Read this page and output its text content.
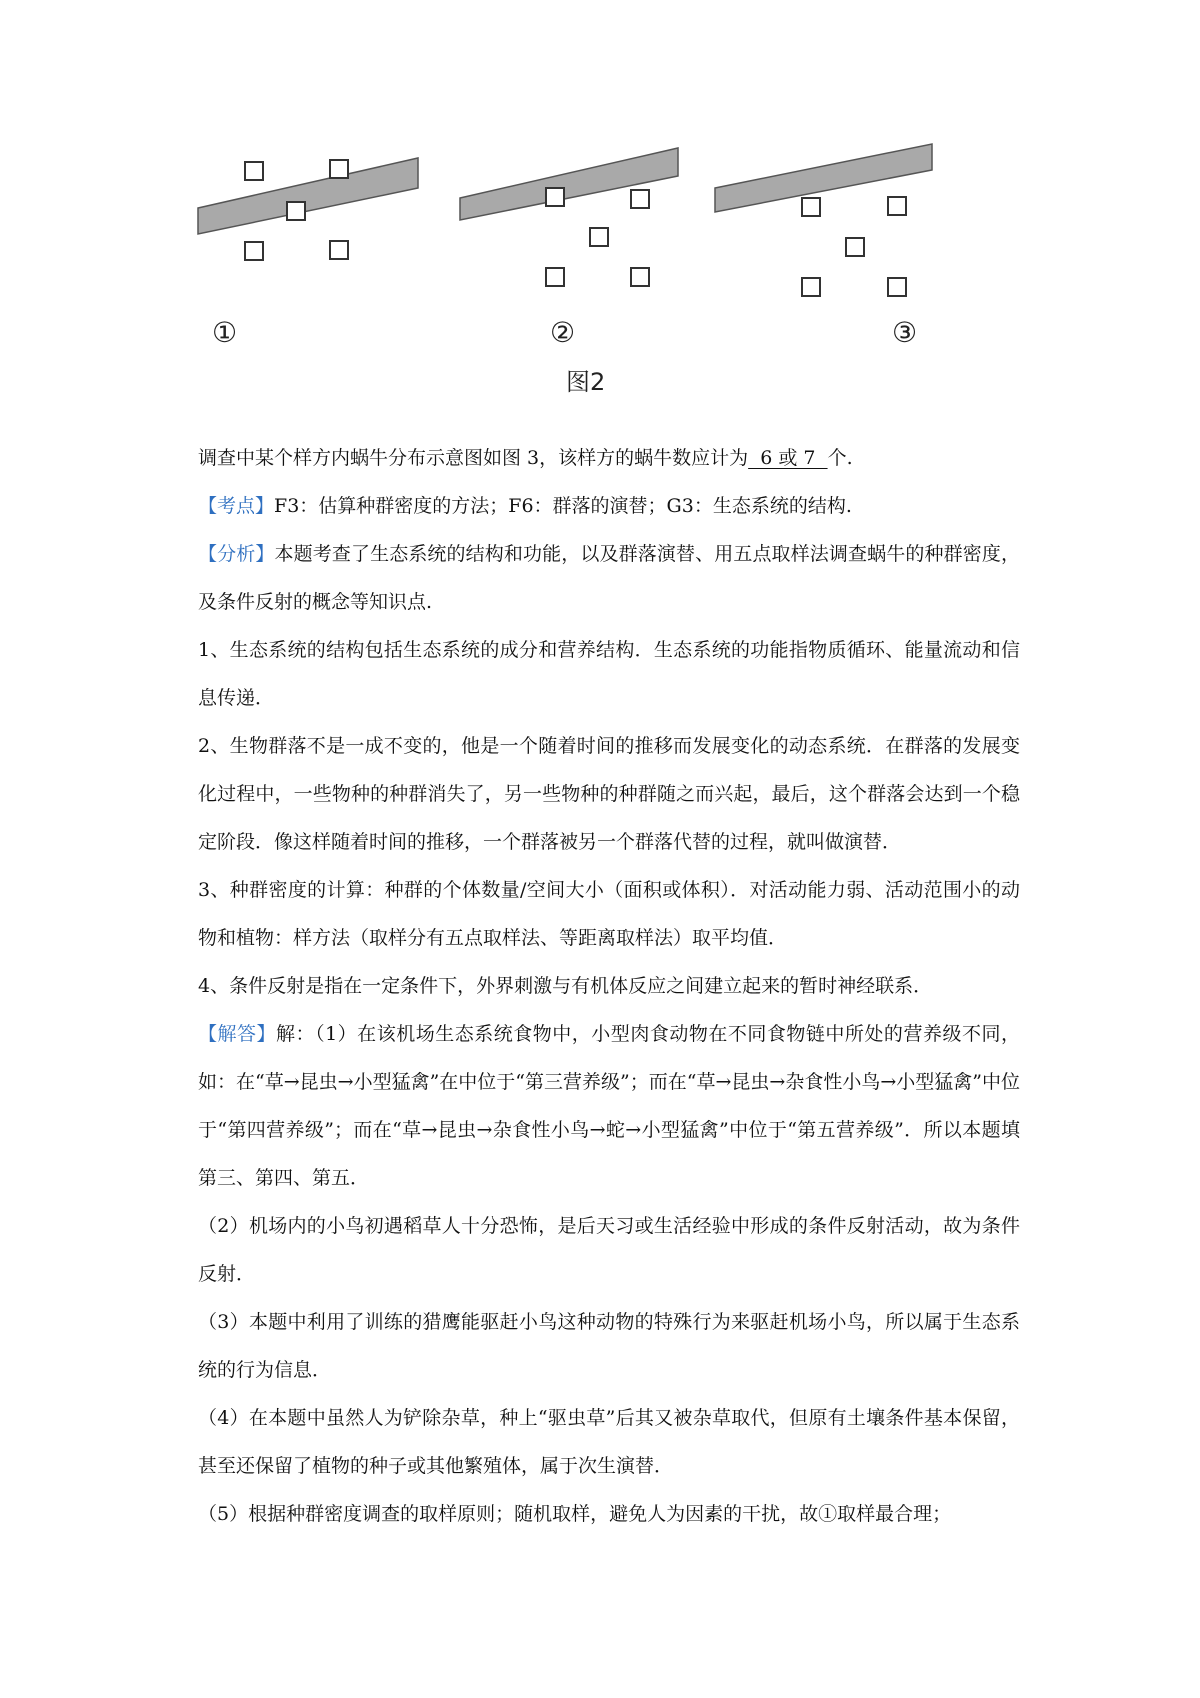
①	②	③
图2

调查中某个样方内蜗牛分布示意图如图 3，该样方的蜗牛数应计为  6 或 7  个.

【考点】F3：估算种群密度的方法；F6：群落的演替；G3：生态系统的结构.

【分析】本题考查了生态系统的结构和功能，以及群落演替、用五点取样法调查蜗牛的种群密度，及条件反射的概念等知识点.

1、生态系统的结构包括生态系统的成分和营养结构．生态系统的功能指物质循环、能量流动和信息传递．

2、生物群落不是一成不变的，他是一个随着时间的推移而发展变化的动态系统．在群落的发展变化过程中，一些物种的种群消失了，另一些物种的种群随之而兴起，最后，这个群落会达到一个稳定阶段．像这样随着时间的推移，一个群落被另一个群落代替的过程，就叫做演替．

3、种群密度的计算：种群的个体数量/空间大小（面积或体积）．对活动能力弱、活动范围小的动物和植物：样方法（取样分有五点取样法、等距离取样法）取平均值．

4、条件反射是指在一定条件下，外界刺激与有机体反应之间建立起来的暂时神经联系．

【解答】解：（1）在该机场生态系统食物中，小型肉食动物在不同食物链中所处的营养级不同，如：在“草→昆虫→小型猛禽”在中位于“第三营养级”；而在“草→昆虫→杂食性小鸟→小型猛禽”中位于“第四营养级”；而在“草→昆虫→杂食性小鸟→蛇→小型猛禽”中位于“第五营养级”．所以本题填第三、第四、第五．

（2）机场内的小鸟初遇稻草人十分恐怖，是后天习或生活经验中形成的条件反射活动，故为条件反射．

（3）本题中利用了训练的猎鹰能驱赶小鸟这种动物的特殊行为来驱赶机场小鸟，所以属于生态系统的行为信息．

（4）在本题中虽然人为铲除杂草，种上“驱虫草”后其又被杂草取代，但原有土壤条件基本保留，甚至还保留了植物的种子或其他繁殖体，属于次生演替．

（5）根据种群密度调查的取样原则；随机取样，避免人为因素的干扰，故①取样最合理；
